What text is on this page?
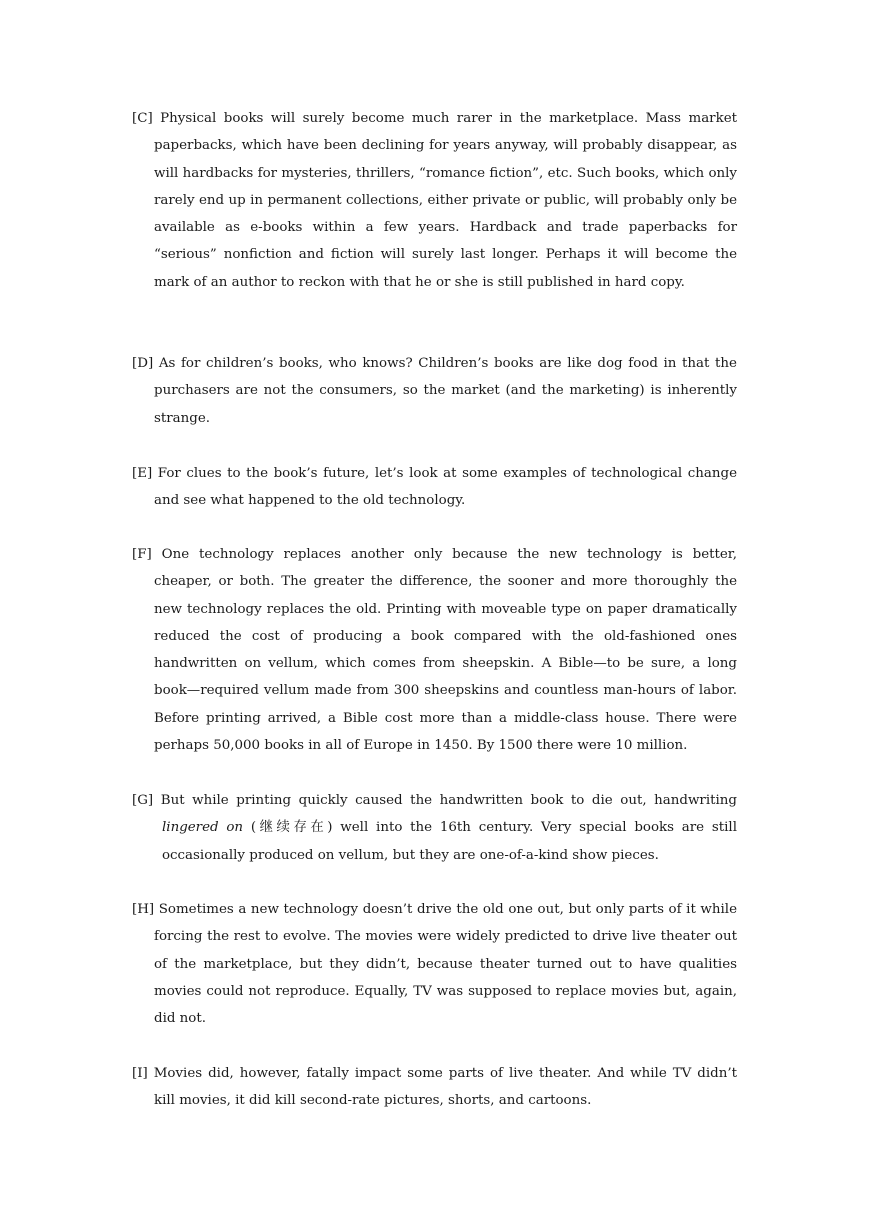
[C] Physical books will surely become much rarer in the marketplace. Mass market paperbacks, which have been declining for years anyway, will probably disappear, as will hardbacks for mysteries, thrillers, “romance fiction”, etc. Such books, which only rarely end up in permanent collections, either private or public, will probably only be available as e-books within a few years. Hardback and trade paperbacks for “serious” nonfiction and fiction will surely last longer. Perhaps it will become the mark of an author to reckon with that he or she is still published in hard copy.

[D] As for children’s books, who knows? Children’s books are like dog food in that the purchasers are not the consumers, so the market (and the marketing) is inherently strange.

[E] For clues to the book’s future, let’s look at some examples of technological change and see what happened to the old technology.

[F] One technology replaces another only because the new technology is better, cheaper, or both. The greater the difference, the sooner and more thoroughly the new technology replaces the old. Printing with moveable type on paper dramatically reduced the cost of producing a book compared with the old-fashioned ones handwritten on vellum, which comes from sheepskin. A Bible—to be sure, a long book—required vellum made from 300 sheepskins and countless man-hours of labor. Before printing arrived, a Bible cost more than a middle-class house. There were perhaps 50,000 books in all of Europe in 1450. By 1500 there were 10 million.

[G] But while printing quickly caused the handwritten book to die out, handwriting lingered on (继续存在) well into the 16th century. Very special books are still occasionally produced on vellum, but they are one-of-a-kind show pieces.

[H] Sometimes a new technology doesn’t drive the old one out, but only parts of it while forcing the rest to evolve. The movies were widely predicted to drive live theater out of the marketplace, but they didn’t, because theater turned out to have qualities movies could not reproduce. Equally, TV was supposed to replace movies but, again, did not.

[I] Movies did, however, fatally impact some parts of live theater. And while TV didn’t kill movies, it did kill second-rate pictures, shorts, and cartoons.
